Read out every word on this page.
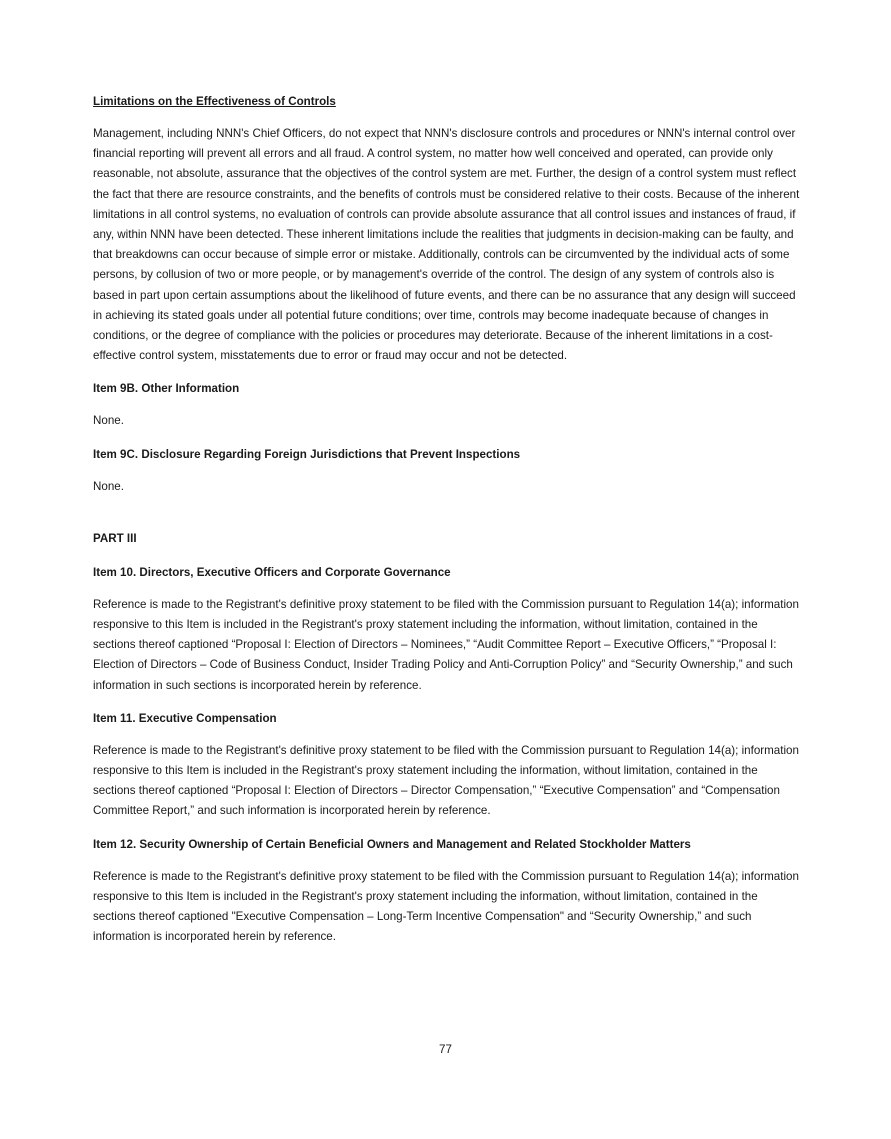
Limitations on the Effectiveness of Controls

Management, including NNN's Chief Officers, do not expect that NNN's disclosure controls and procedures or NNN's internal control over financial reporting will prevent all errors and all fraud. A control system, no matter how well conceived and operated, can provide only reasonable, not absolute, assurance that the objectives of the control system are met. Further, the design of a control system must reflect the fact that there are resource constraints, and the benefits of controls must be considered relative to their costs. Because of the inherent limitations in all control systems, no evaluation of controls can provide absolute assurance that all control issues and instances of fraud, if any, within NNN have been detected. These inherent limitations include the realities that judgments in decision-making can be faulty, and that breakdowns can occur because of simple error or mistake. Additionally, controls can be circumvented by the individual acts of some persons, by collusion of two or more people, or by management's override of the control. The design of any system of controls also is based in part upon certain assumptions about the likelihood of future events, and there can be no assurance that any design will succeed in achieving its stated goals under all potential future conditions; over time, controls may become inadequate because of changes in conditions, or the degree of compliance with the policies or procedures may deteriorate. Because of the inherent limitations in a cost-effective control system, misstatements due to error or fraud may occur and not be detected.

Item 9B. Other Information

None.

Item 9C. Disclosure Regarding Foreign Jurisdictions that Prevent Inspections

None.

PART III
Item 10. Directors, Executive Officers and Corporate Governance

Reference is made to the Registrant's definitive proxy statement to be filed with the Commission pursuant to Regulation 14(a); information responsive to this Item is included in the Registrant's proxy statement including the information, without limitation, contained in the sections thereof captioned “Proposal I: Election of Directors – Nominees,” “Audit Committee Report – Executive Officers,” “Proposal I: Election of Directors – Code of Business Conduct, Insider Trading Policy and Anti-Corruption Policy” and “Security Ownership,” and such information in such sections is incorporated herein by reference.

Item 11. Executive Compensation

Reference is made to the Registrant's definitive proxy statement to be filed with the Commission pursuant to Regulation 14(a); information responsive to this Item is included in the Registrant's proxy statement including the information, without limitation, contained in the sections thereof captioned “Proposal I: Election of Directors – Director Compensation,” “Executive Compensation” and “Compensation Committee Report,” and such information is incorporated herein by reference.

Item 12. Security Ownership of Certain Beneficial Owners and Management and Related Stockholder Matters

Reference is made to the Registrant's definitive proxy statement to be filed with the Commission pursuant to Regulation 14(a); information responsive to this Item is included in the Registrant's proxy statement including the information, without limitation, contained in the sections thereof captioned "Executive Compensation – Long-Term Incentive Compensation" and “Security Ownership,” and such information is incorporated herein by reference.

77
